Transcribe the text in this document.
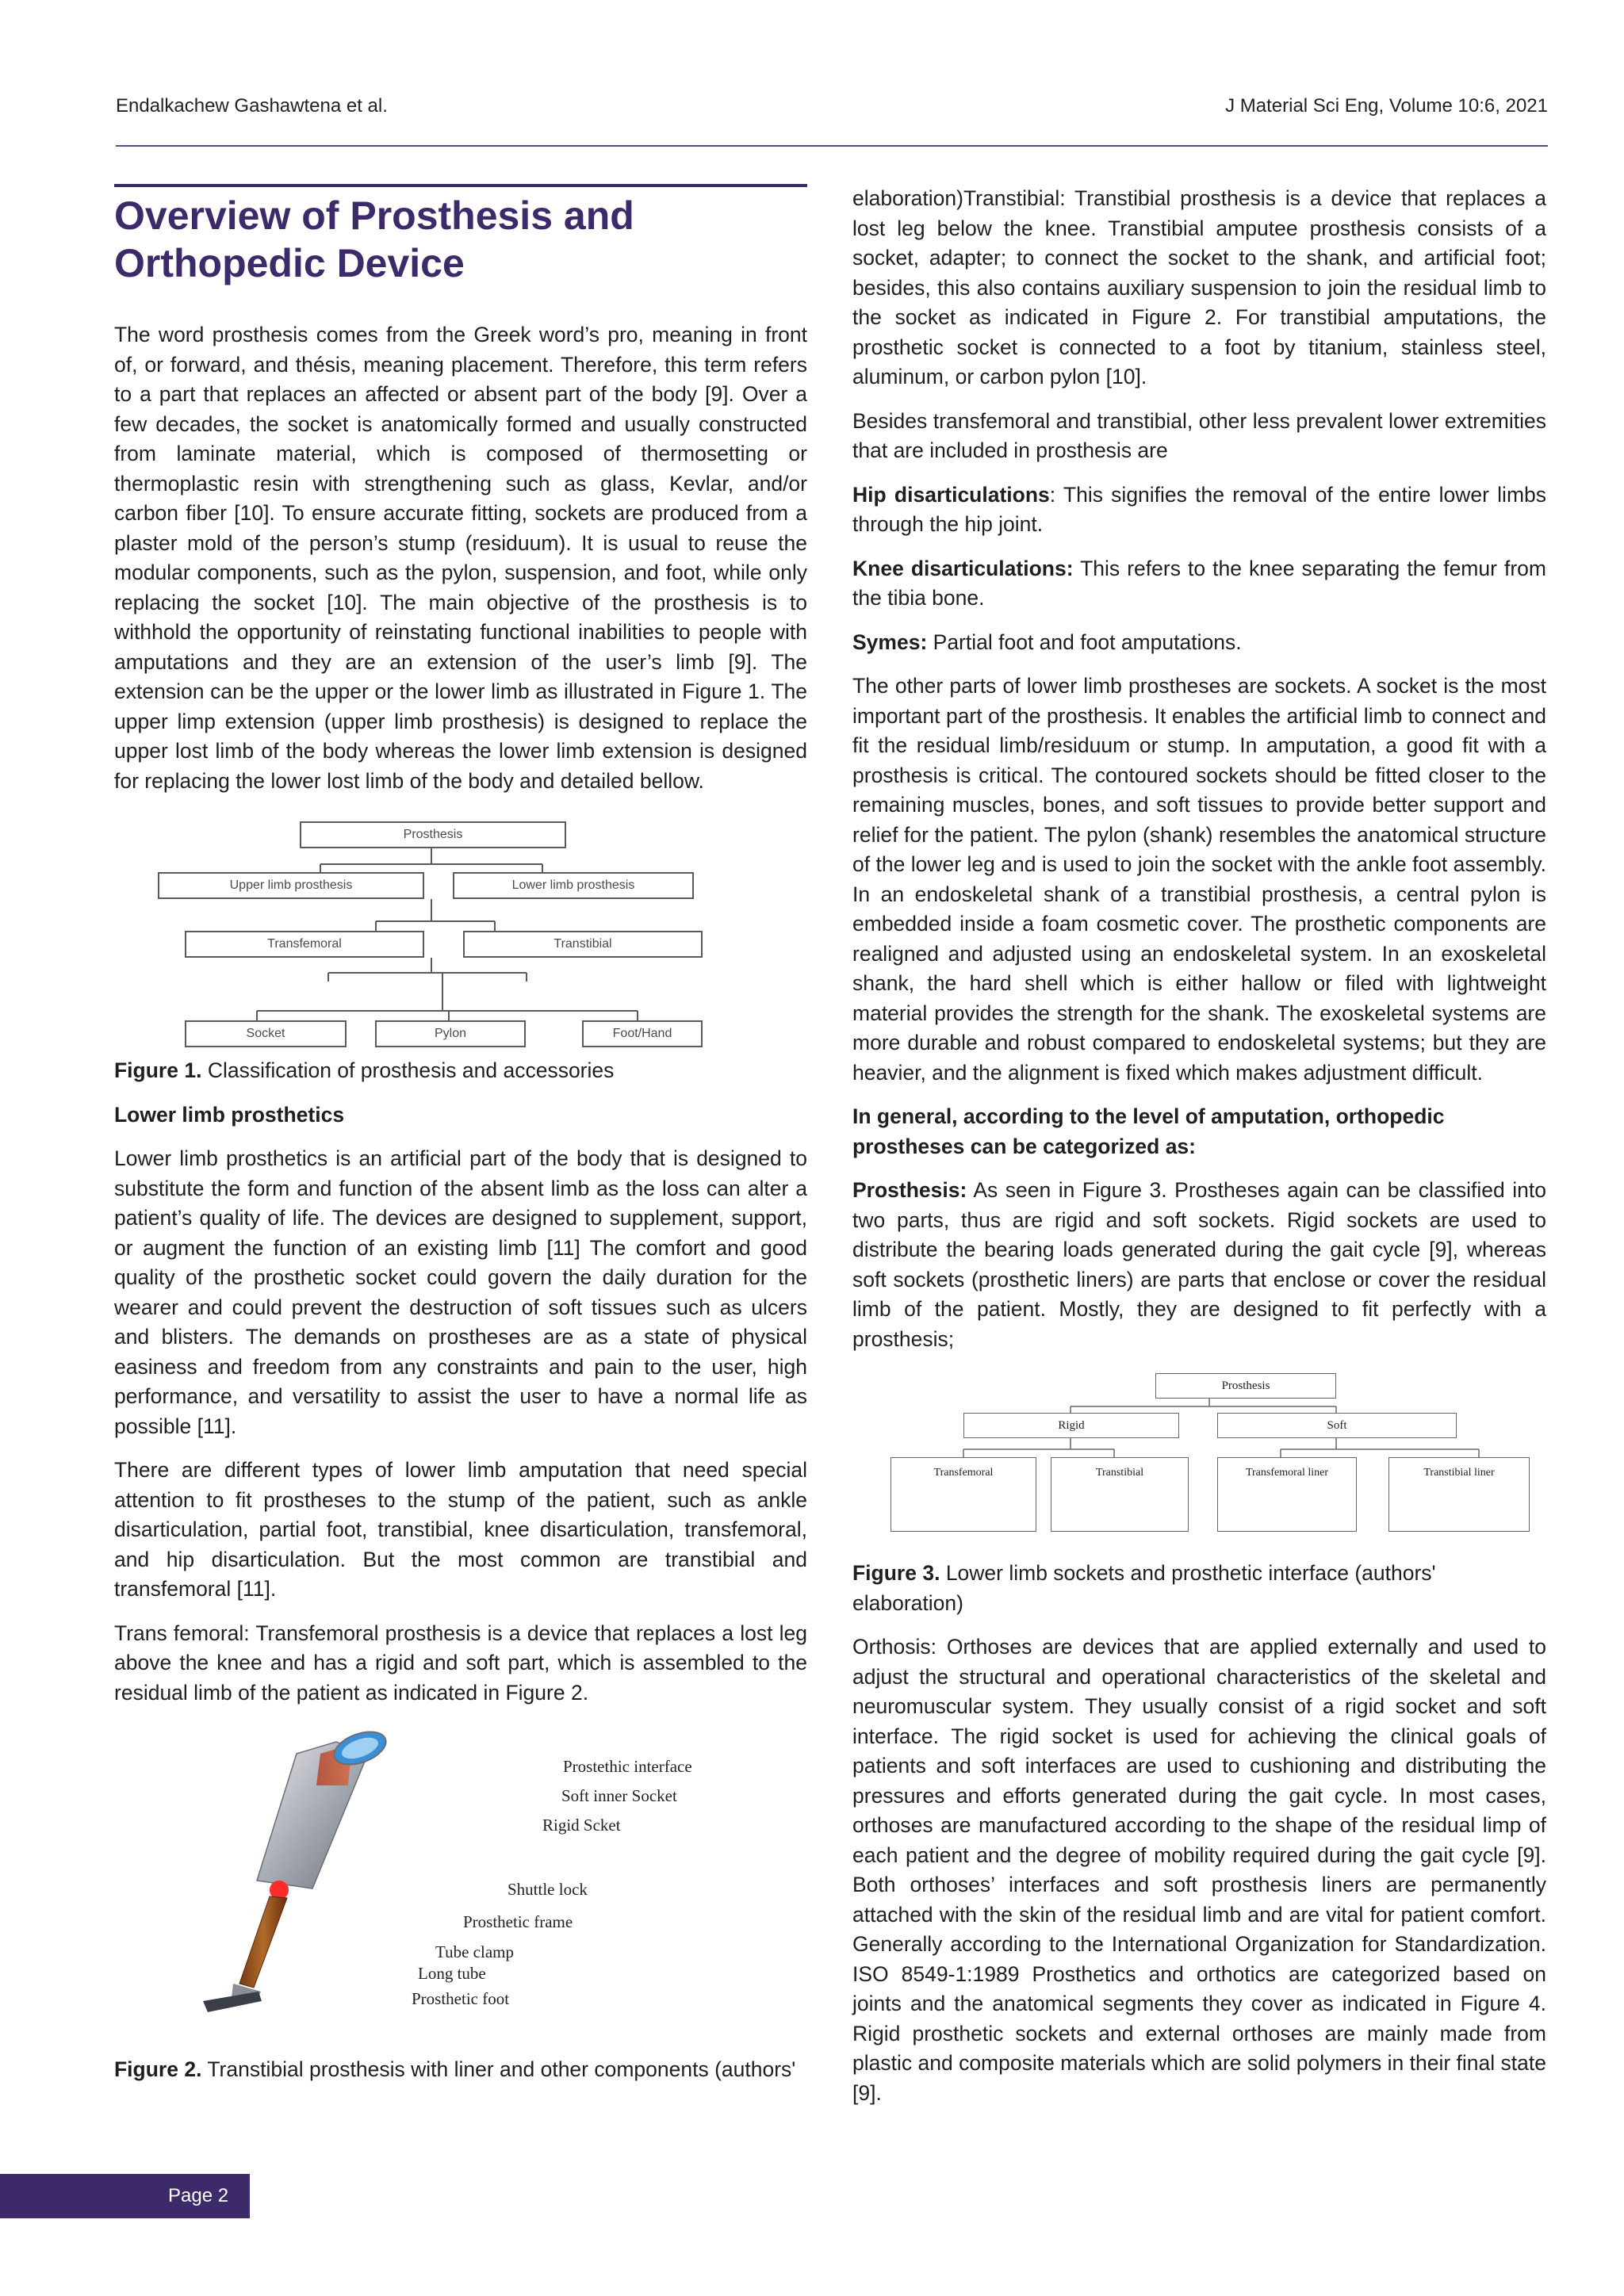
Endalkachew Gashawtena et al.	J Material Sci Eng, Volume 10:6, 2021
Overview of Prosthesis and Orthopedic Device

The word prosthesis comes from the Greek word’s pro, meaning in front of, or forward, and thésis, meaning placement. Therefore, this term refers to a part that replaces an affected or absent part of the body [9]. Over a few decades, the socket is anatomically formed and usually constructed from laminate material, which is composed of thermosetting or thermoplastic resin with strengthening such as glass, Kevlar, and/or carbon fiber [10]. To ensure accurate fitting, sockets are produced from a plaster mold of the person’s stump (residuum). It is usual to reuse the modular components, such as the pylon, suspension, and foot, while only replacing the socket [10]. The main objective of the prosthesis is to withhold the opportunity of reinstating functional inabilities to people with amputations and they are an extension of the user’s limb [9]. The extension can be the upper or the lower limb as illustrated in Figure 1. The upper limp extension (upper limb prosthesis) is designed to replace the upper lost limb of the body whereas the lower limb extension is designed for replacing the lower lost limb of the body and detailed bellow.

Prosthesis
Upper limb prosthesis	Lower limb prosthesis
Transfemoral	Transtibial
Socket	Pylon	Foot/Hand

Figure 1. Classification of prosthesis and accessories

Lower limb prosthetics

Lower limb prosthetics is an artificial part of the body that is designed to substitute the form and function of the absent limb as the loss can alter a patient’s quality of life. The devices are designed to supplement, support, or augment the function of an existing limb [11] The comfort and good quality of the prosthetic socket could govern the daily duration for the wearer and could prevent the destruction of soft tissues such as ulcers and blisters. The demands on prostheses are as a state of physical easiness and freedom from any constraints and pain to the user, high performance, and versatility to assist the user to have a normal life as possible [11].

There are different types of lower limb amputation that need special attention to fit prostheses to the stump of the patient, such as ankle disarticulation, partial foot, transtibial, knee disarticulation, transfemoral, and hip disarticulation. But the most common are transtibial and transfemoral [11].

Trans femoral: Transfemoral prosthesis is a device that replaces a lost leg above the knee and has a rigid and soft part, which is assembled to the residual limb of the patient as indicated in Figure 2.

Prostethic interface
Soft inner Socket
Rigid Scket
Shuttle lock
Prosthetic frame
Tube clamp
Long tube
Prosthetic foot

Figure 2. Transtibial prosthesis with liner and other components (authors'

elaboration)Transtibial: Transtibial prosthesis is a device that replaces a lost leg below the knee. Transtibial amputee prosthesis consists of a socket, adapter; to connect the socket to the shank, and artificial foot; besides, this also contains auxiliary suspension to join the residual limb to the socket as indicated in Figure 2. For transtibial amputations, the prosthetic socket is connected to a foot by titanium, stainless steel, aluminum, or carbon pylon [10].

Besides transfemoral and transtibial, other less prevalent lower extremities that are included in prosthesis are

Hip disarticulations: This signifies the removal of the entire lower limbs through the hip joint.

Knee disarticulations: This refers to the knee separating the femur from the tibia bone.

Symes: Partial foot and foot amputations.

The other parts of lower limb prostheses are sockets. A socket is the most important part of the prosthesis. It enables the artificial limb to connect and fit the residual limb/residuum or stump. In amputation, a good fit with a prosthesis is critical. The contoured sockets should be fitted closer to the remaining muscles, bones, and soft tissues to provide better support and relief for the patient. The pylon (shank) resembles the anatomical structure of the lower leg and is used to join the socket with the ankle foot assembly. In an endoskeletal shank of a transtibial prosthesis, a central pylon is embedded inside a foam cosmetic cover. The prosthetic components are realigned and adjusted using an endoskeletal system. In an exoskeletal shank, the hard shell which is either hallow or filed with lightweight material provides the strength for the shank. The exoskeletal systems are more durable and robust compared to endoskeletal systems; but they are heavier, and the alignment is fixed which makes adjustment difficult.

In general, according to the level of amputation, orthopedic prostheses can be categorized as:

Prosthesis: As seen in Figure 3. Prostheses again can be classified into two parts, thus are rigid and soft sockets. Rigid sockets are used to distribute the bearing loads generated during the gait cycle [9], whereas soft sockets (prosthetic liners) are parts that enclose or cover the residual limb of the patient. Mostly, they are designed to fit perfectly with a prosthesis;

Prosthesis
Rigid	Soft
Transfemoral	Transtibial	Transfemoral liner	Transtibial liner

Figure 3. Lower limb sockets and prosthetic interface (authors' elaboration)

Orthosis: Orthoses are devices that are applied externally and used to adjust the structural and operational characteristics of the skeletal and neuromuscular system. They usually consist of a rigid socket and soft interface. The rigid socket is used for achieving the clinical goals of patients and soft interfaces are used to cushioning and distributing the pressures and efforts generated during the gait cycle. In most cases, orthoses are manufactured according to the shape of the residual limp of each patient and the degree of mobility required during the gait cycle [9]. Both orthoses’ interfaces and soft prosthesis liners are permanently attached with the skin of the residual limb and are vital for patient comfort. Generally according to the International Organization for Standardization. ISO 8549-1:1989 Prosthetics and orthotics are categorized based on joints and the anatomical segments they cover as indicated in Figure 4. Rigid prosthetic sockets and external orthoses are mainly made from plastic and composite materials which are solid polymers in their final state [9].

Page 2
